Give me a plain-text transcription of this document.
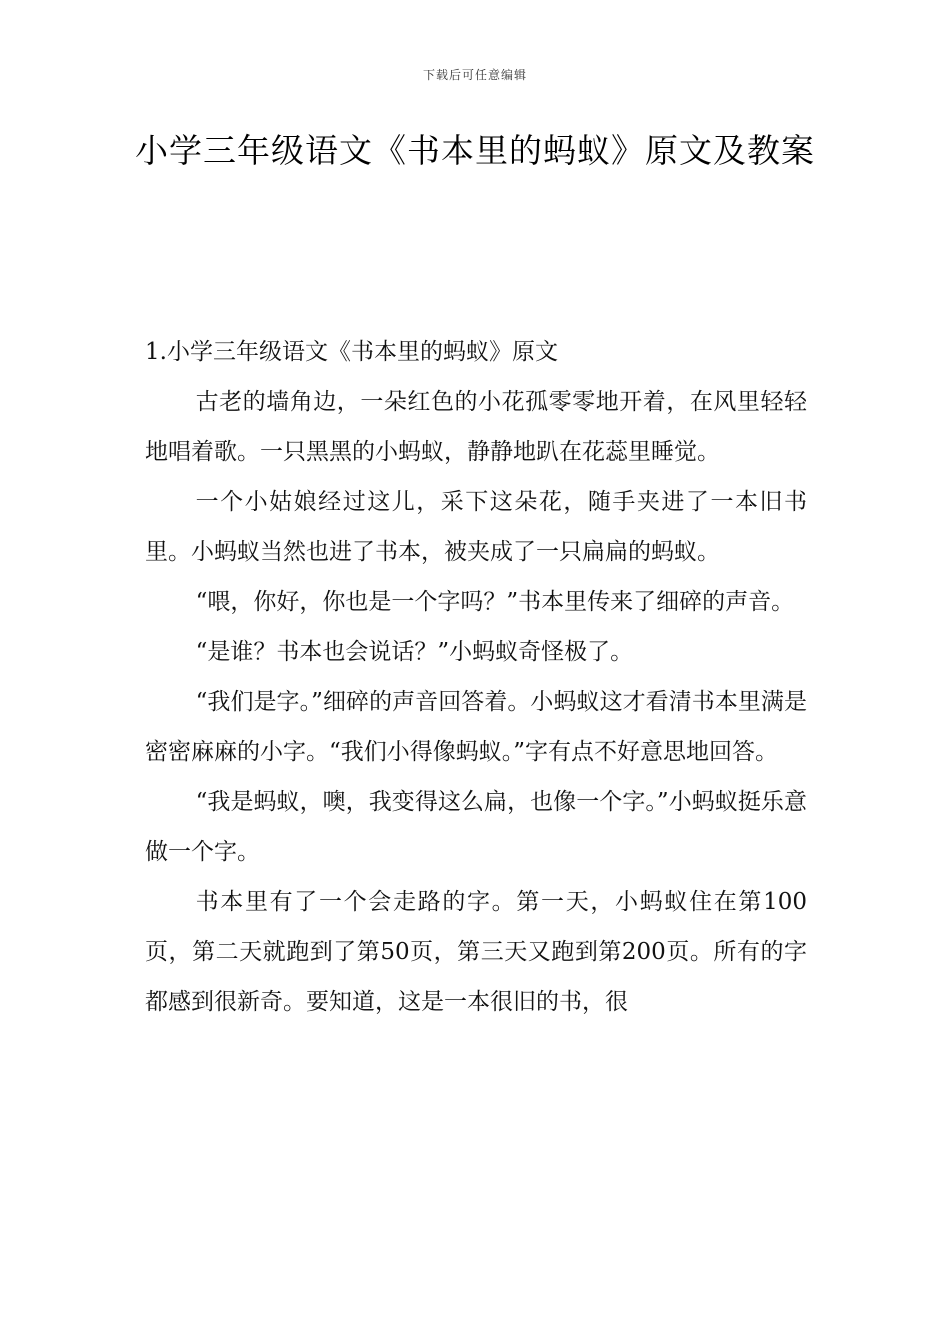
下载后可任意编辑
小学三年级语文《书本里的蚂蚁》原文及教案

1.小学三年级语文《书本里的蚂蚁》原文

古老的墙角边，一朵红色的小花孤零零地开着，在风里轻轻地唱着歌。一只黑黑的小蚂蚁，静静地趴在花蕊里睡觉。

一个小姑娘经过这儿，采下这朵花，随手夹进了一本旧书里。小蚂蚁当然也进了书本，被夹成了一只扁扁的蚂蚁。

“喂，你好，你也是一个字吗？”书本里传来了细碎的声音。

“是谁？书本也会说话？”小蚂蚁奇怪极了。

“我们是字。”细碎的声音回答着。小蚂蚁这才看清书本里满是密密麻麻的小字。“我们小得像蚂蚁。”字有点不好意思地回答。

“我是蚂蚁，噢，我变得这么扁，也像一个字。”小蚂蚁挺乐意做一个字。

书本里有了一个会走路的字。第一天，小蚂蚁住在第100页，第二天就跑到了第50页，第三天又跑到第200页。所有的字都感到很新奇。要知道，这是一本很旧的书，很
